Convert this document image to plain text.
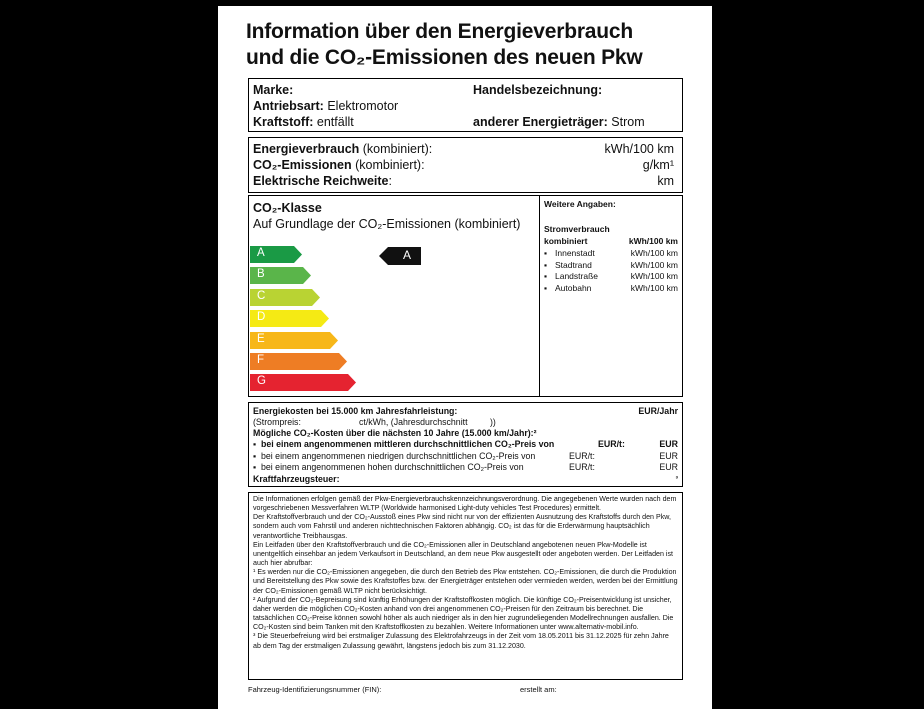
Information über den Energieverbrauch
und die CO₂-Emissionen des neuen Pkw
Marke:	Handelsbezeichnung:
Antriebsart: Elektromotor
Kraftstoff: entfällt	anderer Energieträger: Strom
Energieverbrauch (kombiniert):	kWh/100 km
CO₂-Emissionen (kombiniert):	g/km¹
Elektrische Reichweite:	km
CO₂-Klasse
Auf Grundlage der CO₂-Emissionen (kombiniert)
A
B
C
D
E
F
G
A
Weitere Angaben:
Stromverbrauch
kombiniert	kWh/100 km
▪ Innenstadt	kWh/100 km
▪ Stadtrand	kWh/100 km
▪ Landstraße	kWh/100 km
▪ Autobahn	kWh/100 km
Energiekosten bei 15.000 km Jahresfahrleistung:	EUR/Jahr
(Strompreis:	ct/kWh, (Jahresdurchschnitt	))
Mögliche CO₂-Kosten über die nächsten 10 Jahre (15.000 km/Jahr):²
▪ bei einem angenommenen mittleren durchschnittlichen CO₂-Preis von	EUR/t:	EUR
▪ bei einem angenommenen niedrigen durchschnittlichen CO₂-Preis von	EUR/t:	EUR
▪ bei einem angenommenen hohen durchschnittlichen CO₂-Preis von	EUR/t:	EUR
Kraftfahrzeugsteuer:	³

Die Informationen erfolgen gemäß der Pkw-Energieverbrauchskennzeichnungsverordnung. Die angegebenen Werte wurden nach dem vorgeschriebenen Messverfahren WLTP (Worldwide harmonised Light-duty vehicles Test Procedures) ermittelt.

Der Kraftstoffverbrauch und der CO₂-Ausstoß eines Pkw sind nicht nur von der effizienten Ausnutzung des Kraftstoffs durch den Pkw, sondern auch vom Fahrstil und anderen nichttechnischen Faktoren abhängig. CO₂ ist das für die Erderwärmung hauptsächlich verantwortliche Treibhausgas.

Ein Leitfaden über den Kraftstoffverbrauch und die CO₂-Emissionen aller in Deutschland angebotenen neuen Pkw-Modelle ist unentgeltlich einsehbar an jedem Verkaufsort in Deutschland, an dem neue Pkw ausgestellt oder angeboten werden. Der Leitfaden ist auch hier abrufbar:

¹ Es werden nur die CO₂-Emissionen angegeben, die durch den Betrieb des Pkw entstehen. CO₂-Emissionen, die durch die Produktion und Bereitstellung des Pkw sowie des Kraftstoffes bzw. der Energieträger entstehen oder vermieden werden, werden bei der Ermittlung der CO₂-Emissionen gemäß WLTP nicht berücksichtigt.

² Aufgrund der CO₂-Bepreisung sind künftig Erhöhungen der Kraftstoffkosten möglich. Die künftige CO₂-Preisentwicklung ist unsicher, daher werden die möglichen CO₂-Kosten anhand von drei angenommenen CO₂-Preisen für den Zeitraum bis berechnet. Die tatsächlichen CO₂-Preise können sowohl höher als auch niedriger als in den hier zugrundeliegenden Modellrechnungen ausfallen. Die CO₂-Kosten sind beim Tanken mit den Kraftstoffkosten zu bezahlen. Weitere Informationen unter www.alternativ-mobil.info.

³ Die Steuerbefreiung wird bei erstmaliger Zulassung des Elektrofahrzeugs in der Zeit vom 18.05.2011 bis 31.12.2025 für zehn Jahre ab dem Tag der erstmaligen Zulassung gewährt, längstens jedoch bis zum 31.12.2030.

Fahrzeug-Identifizierungsnummer (FIN):	erstellt am:
